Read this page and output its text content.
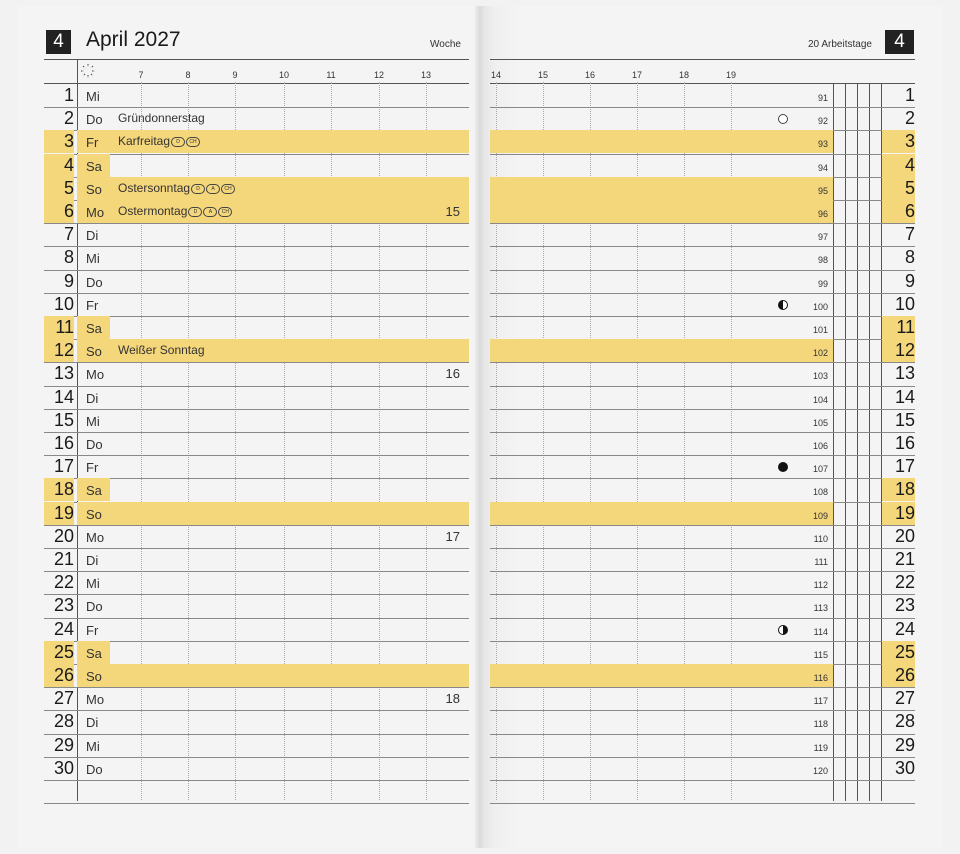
4	April 2027	Woche	20 Arbeitstage	4
7	8	9	10	11	12	13	14	15	16	17	18	19
1 Mi	91	1
2 Do Gründonnerstag	92	2
3 Fr Karfreitag D CH	93	3
4 Sa	94	4
5 So Ostersonntag D A CH	95	5
6 Mo Ostermontag D A CH	15	96	6
7 Di	97	7
8 Mi	98	8
9 Do	99	9
10 Fr	100	10
11 Sa	101	11
12 So Weißer Sonntag	102	12
13 Mo	16	103	13
14 Di	104	14
15 Mi	105	15
16 Do	106	16
17 Fr	107	17
18 Sa	108	18
19 So	109	19
20 Mo	17	110	20
21 Di	111	21
22 Mi	112	22
23 Do	113	23
24 Fr	114	24
25 Sa	115	25
26 So	116	26
27 Mo	18	117	27
28 Di	118	28
29 Mi	119	29
30 Do	120	30
